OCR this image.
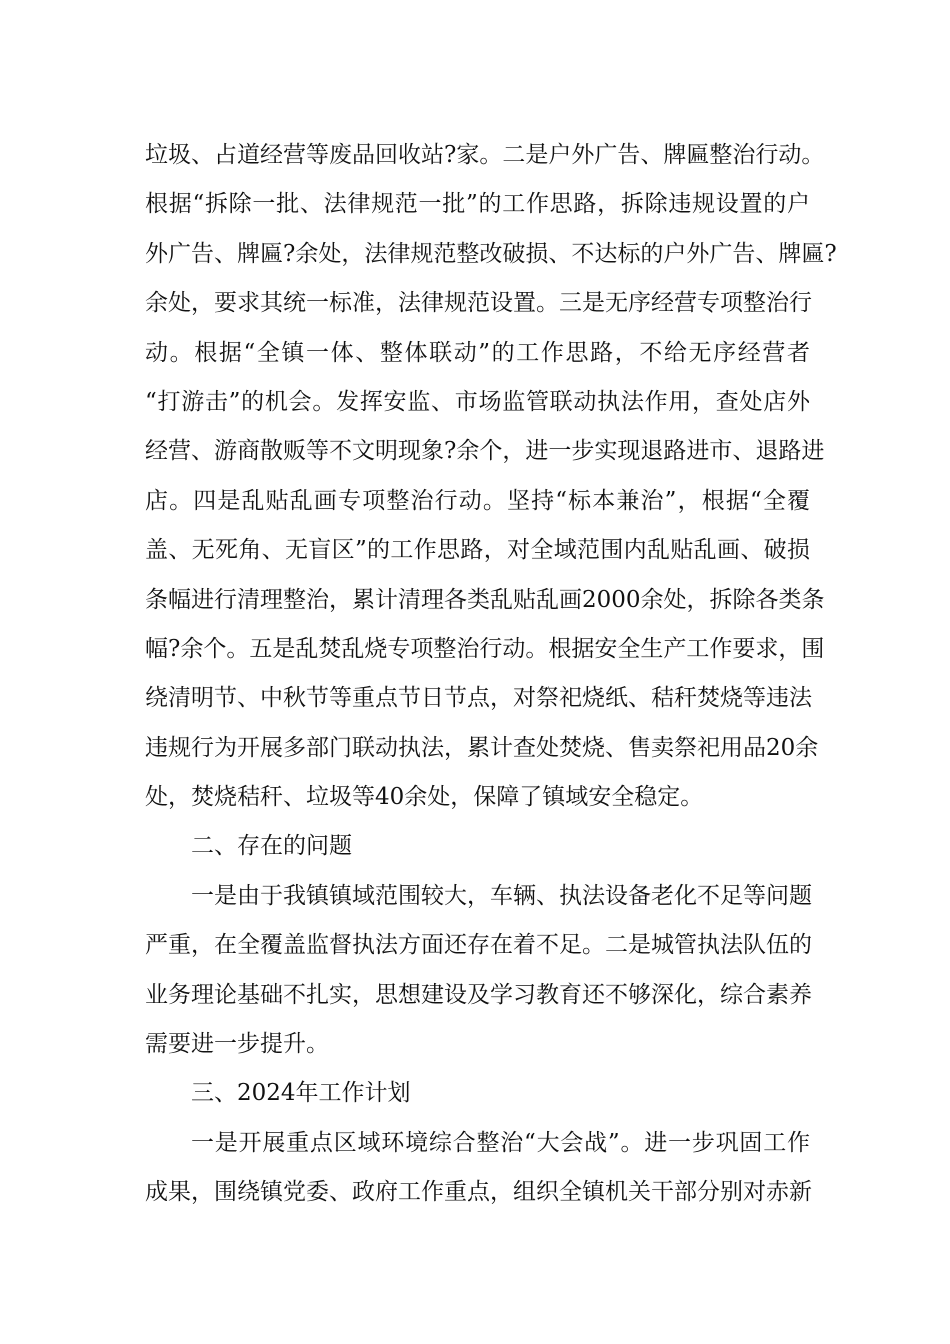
垃圾、占道经营等废品回收站?家。二是户外广告、牌匾整治行动。
根据“拆除一批、法律规范一批”的工作思路，拆除违规设置的户
外广告、牌匾?余处，法律规范整改破损、不达标的户外广告、牌匾?
余处，要求其统一标准，法律规范设置。三是无序经营专项整治行
动。根据“全镇一体、整体联动”的工作思路，不给无序经营者
“打游击”的机会。发挥安监、市场监管联动执法作用，查处店外
经营、游商散贩等不文明现象?余个，进一步实现退路进市、退路进
店。四是乱贴乱画专项整治行动。坚持“标本兼治”，根据“全覆
盖、无死角、无盲区”的工作思路，对全域范围内乱贴乱画、破损
条幅进行清理整治，累计清理各类乱贴乱画2000余处，拆除各类条
幅?余个。五是乱焚乱烧专项整治行动。根据安全生产工作要求，围
绕清明节、中秋节等重点节日节点，对祭祀烧纸、秸秆焚烧等违法
违规行为开展多部门联动执法，累计查处焚烧、售卖祭祀用品20余
处，焚烧秸秆、垃圾等40余处，保障了镇域安全稳定。
二、存在的问题
一是由于我镇镇域范围较大，车辆、执法设备老化不足等问题
严重，在全覆盖监督执法方面还存在着不足。二是城管执法队伍的
业务理论基础不扎实，思想建设及学习教育还不够深化，综合素养
需要进一步提升。
三、2024年工作计划
一是开展重点区域环境综合整治“大会战”。进一步巩固工作
成果，围绕镇党委、政府工作重点，组织全镇机关干部分别对赤新
